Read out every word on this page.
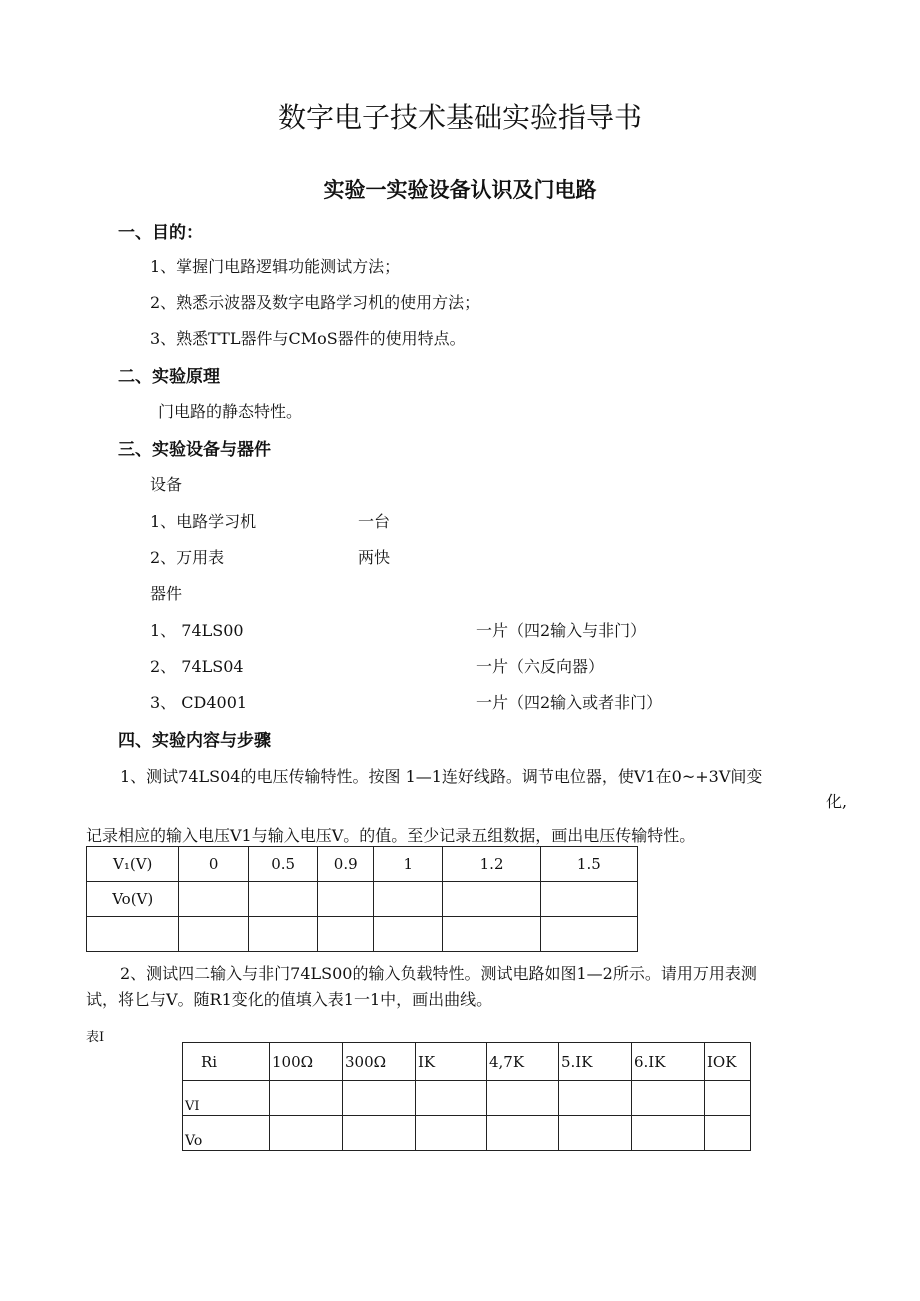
数字电子技术基础实验指导书
实验一实验设备认识及门电路
一、目的：
1、掌握门电路逻辑功能测试方法；
2、熟悉示波器及数字电路学习机的使用方法；
3、熟悉TTL器件与CMoS器件的使用特点。
二、实验原理
门电路的静态特性。
三、实验设备与器件
设备
1、电路学习机	一台
2、万用表	两快
器件
1、 74LS00	一片（四2输入与非门）
2、 74LS04	一片（六反向器）
3、 CD4001	一片（四2输入或者非门）
四、实验内容与步骤
1、测试74LS04的电压传输特性。按图 1—1连好线路。调节电位器，使V1在0~+3V间变
化,
记录相应的输入电压V1与输入电压V。的值。至少记录五组数据，画出电压传输特性。
V₁(V)	0	0.5	0.9	1	1.2	1.5
Vo(V)						

2、测试四二输入与非门74LS00的输入负载特性。测试电路如图1—2所示。请用万用表测
试，将匕与V。随R1变化的值填入表1一1中，画出曲线。
表I
Ri	100Ω	300Ω	IK	4,7K	5.IK	6.IK	IOK
VI							
Vo							
